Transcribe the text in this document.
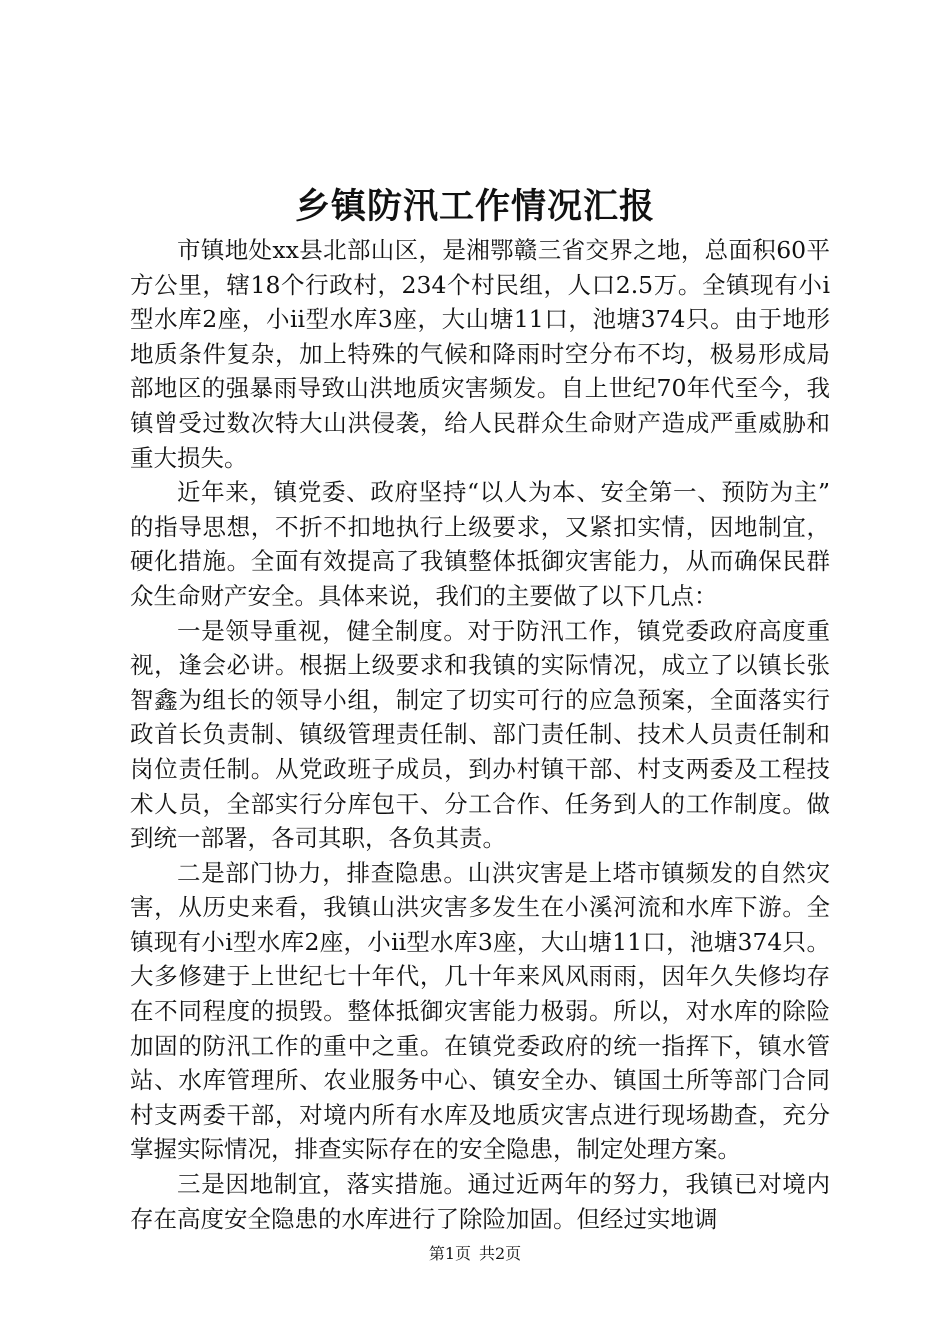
乡镇防汛工作情况汇报

市镇地处xx县北部山区，是湘鄂赣三省交界之地，总面积60平方公里，辖18个行政村，234个村民组，人口2.5万。全镇现有小ⅰ型水库2座，小ⅱ型水库3座，大山塘11口，池塘374只。由于地形地质条件复杂，加上特殊的气候和降雨时空分布不均，极易形成局部地区的强暴雨导致山洪地质灾害频发。自上世纪70年代至今，我镇曾受过数次特大山洪侵袭，给人民群众生命财产造成严重威胁和重大损失。

近年来，镇党委、政府坚持“以人为本、安全第一、预防为主”的指导思想，不折不扣地执行上级要求，又紧扣实情，因地制宜，硬化措施。全面有效提高了我镇整体抵御灾害能力，从而确保民群众生命财产安全。具体来说，我们的主要做了以下几点：

一是领导重视，健全制度。对于防汛工作，镇党委政府高度重视，逢会必讲。根据上级要求和我镇的实际情况，成立了以镇长张智鑫为组长的领导小组，制定了切实可行的应急预案，全面落实行政首长负责制、镇级管理责任制、部门责任制、技术人员责任制和岗位责任制。从党政班子成员，到办村镇干部、村支两委及工程技术人员，全部实行分库包干、分工合作、任务到人的工作制度。做到统一部署，各司其职，各负其责。

二是部门协力，排查隐患。山洪灾害是上塔市镇频发的自然灾害，从历史来看，我镇山洪灾害多发生在小溪河流和水库下游。全镇现有小ⅰ型水库2座，小ⅱ型水库3座，大山塘11口，池塘374只。大多修建于上世纪七十年代，几十年来风风雨雨，因年久失修均存在不同程度的损毁。整体抵御灾害能力极弱。所以，对水库的除险加固的防汛工作的重中之重。在镇党委政府的统一指挥下，镇水管站、水库管理所、农业服务中心、镇安全办、镇国土所等部门合同村支两委干部，对境内所有水库及地质灾害点进行现场勘查，充分掌握实际情况，排查实际存在的安全隐患，制定处理方案。

三是因地制宜，落实措施。通过近两年的努力，我镇已对境内存在高度安全隐患的水库进行了除险加固。但经过实地调

第1页 共2页
